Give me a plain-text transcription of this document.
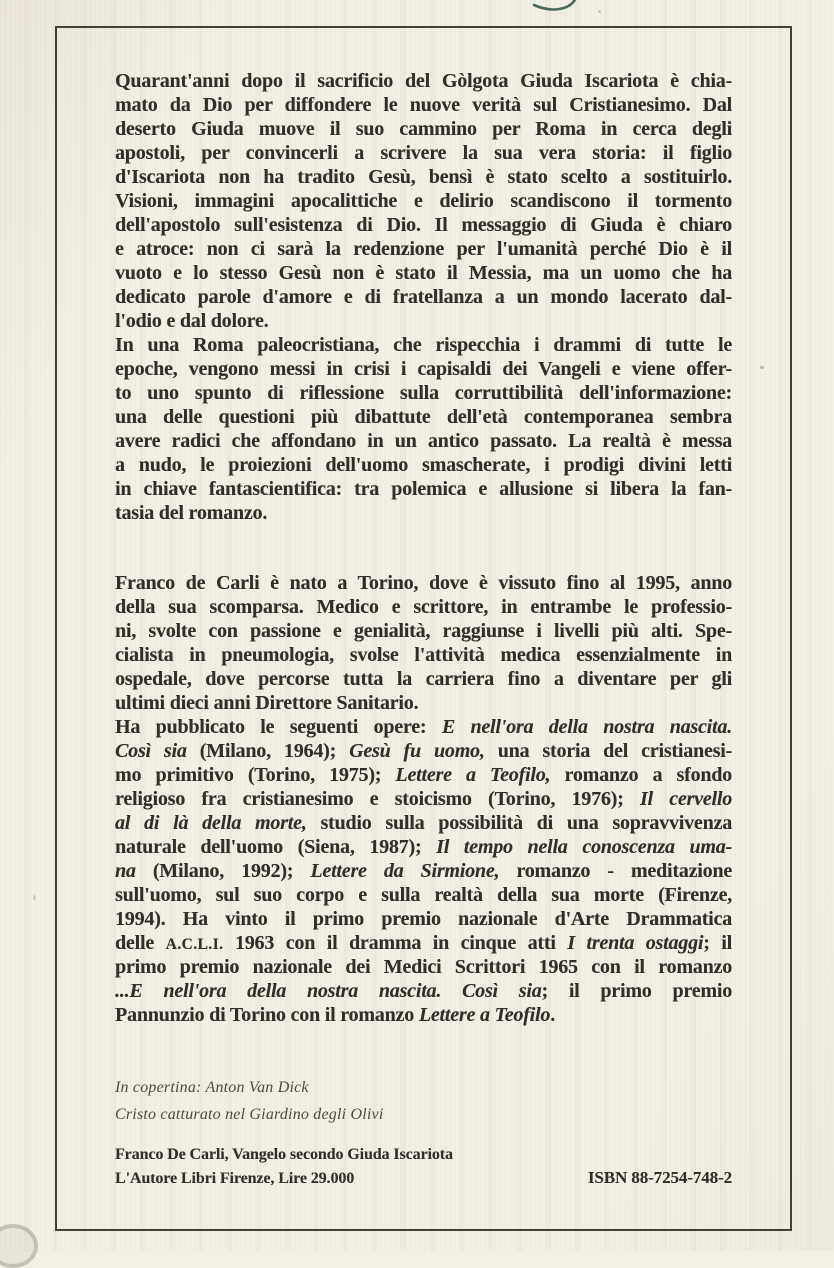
Quarant'anni dopo il sacrificio del Gòlgota Giuda Iscariota è chia-
mato da Dio per diffondere le nuove verità sul Cristianesimo. Dal
deserto Giuda muove il suo cammino per Roma in cerca degli
apostoli, per convincerli a scrivere la sua vera storia: il figlio
d'Iscariota non ha tradito Gesù, bensì è stato scelto a sostituirlo.
Visioni, immagini apocalittiche e delirio scandiscono il tormento
dell'apostolo sull'esistenza di Dio. Il messaggio di Giuda è chiaro
e atroce: non ci sarà la redenzione per l'umanità perché Dio è il
vuoto e lo stesso Gesù non è stato il Messia, ma un uomo che ha
dedicato parole d'amore e di fratellanza a un mondo lacerato dal-
l'odio e dal dolore.
In una Roma paleocristiana, che rispecchia i drammi di tutte le
epoche, vengono messi in crisi i capisaldi dei Vangeli e viene offer-
to uno spunto di riflessione sulla corruttibilità dell'informazione:
una delle questioni più dibattute dell'età contemporanea sembra
avere radici che affondano in un antico passato. La realtà è messa
a nudo, le proiezioni dell'uomo smascherate, i prodigi divini letti
in chiave fantascientifica: tra polemica e allusione si libera la fan-
tasia del romanzo.
Franco de Carli è nato a Torino, dove è vissuto fino al 1995, anno
della sua scomparsa. Medico e scrittore, in entrambe le professio-
ni, svolte con passione e genialità, raggiunse i livelli più alti. Spe-
cialista in pneumologia, svolse l'attività medica essenzialmente in
ospedale, dove percorse tutta la carriera fino a diventare per gli
ultimi dieci anni Direttore Sanitario.
Ha pubblicato le seguenti opere: E nell'ora della nostra nascita.
Così sia (Milano, 1964); Gesù fu uomo, una storia del cristianesi-
mo primitivo (Torino, 1975); Lettere a Teofilo, romanzo a sfondo
religioso fra cristianesimo e stoicismo (Torino, 1976); Il cervello
al di là della morte, studio sulla possibilità di una sopravvivenza
naturale dell'uomo (Siena, 1987); Il tempo nella conoscenza uma-
na (Milano, 1992); Lettere da Sirmione, romanzo - meditazione
sull'uomo, sul suo corpo e sulla realtà della sua morte (Firenze,
1994). Ha vinto il primo premio nazionale d'Arte Drammatica
delle A.C.L.I. 1963 con il dramma in cinque atti I trenta ostaggi; il
primo premio nazionale dei Medici Scrittori 1965 con il romanzo
...E nell'ora della nostra nascita. Così sia; il primo premio
Pannunzio di Torino con il romanzo Lettere a Teofilo.
In copertina: Anton Van Dick
Cristo catturato nel Giardino degli Olivi
Franco De Carli, Vangelo secondo Giuda Iscariota
L'Autore Libri Firenze, Lire 29.000	ISBN 88-7254-748-2
